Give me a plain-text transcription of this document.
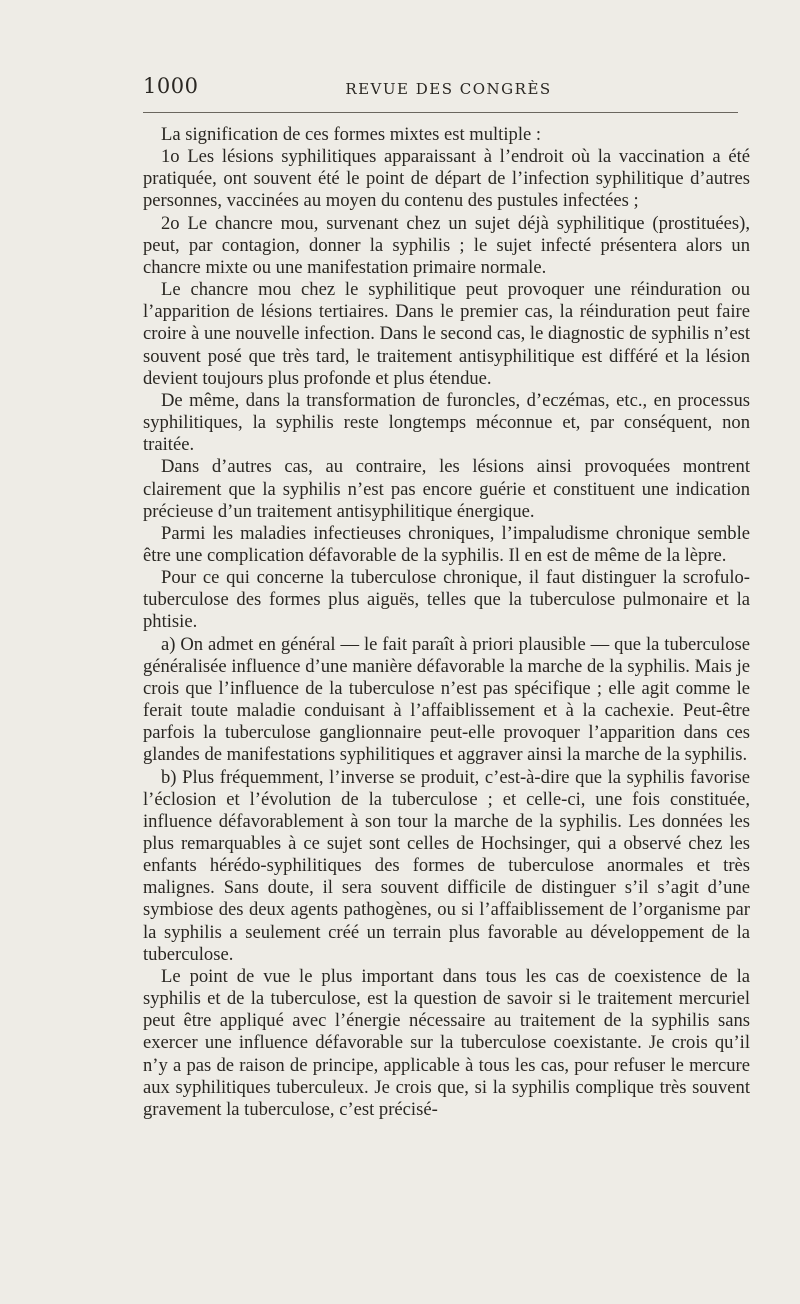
1000	REVUE DES CONGRÈS

La signification de ces formes mixtes est multiple :

1o Les lésions syphilitiques apparaissant à l’endroit où la vaccination a été pratiquée, ont souvent été le point de départ de l’infection syphilitique d’autres personnes, vaccinées au moyen du contenu des pustules infectées ;

2o Le chancre mou, survenant chez un sujet déjà syphilitique (prostituées), peut, par contagion, donner la syphilis ; le sujet infecté présentera alors un chancre mixte ou une manifestation primaire normale.

Le chancre mou chez le syphilitique peut provoquer une réinduration ou l’apparition de lésions tertiaires. Dans le premier cas, la réinduration peut faire croire à une nouvelle infection. Dans le second cas, le diagnostic de syphilis n’est souvent posé que très tard, le traitement antisyphilitique est différé et la lésion devient toujours plus profonde et plus étendue.

De même, dans la transformation de furoncles, d’eczémas, etc., en processus syphilitiques, la syphilis reste longtemps méconnue et, par conséquent, non traitée.

Dans d’autres cas, au contraire, les lésions ainsi provoquées montrent clairement que la syphilis n’est pas encore guérie et constituent une indication précieuse d’un traitement antisyphilitique énergique.

Parmi les maladies infectieuses chroniques, l’impaludisme chronique semble être une complication défavorable de la syphilis. Il en est de même de la lèpre.

Pour ce qui concerne la tuberculose chronique, il faut distinguer la scrofulo-tuberculose des formes plus aiguës, telles que la tuberculose pulmonaire et la phtisie.

a) On admet en général — le fait paraît à priori plausible — que la tuberculose généralisée influence d’une manière défavorable la marche de la syphilis. Mais je crois que l’influence de la tuberculose n’est pas spécifique ; elle agit comme le ferait toute maladie conduisant à l’affaiblissement et à la cachexie. Peut-être parfois la tuberculose ganglionnaire peut-elle provoquer l’apparition dans ces glandes de manifestations syphilitiques et aggraver ainsi la marche de la syphilis.

b) Plus fréquemment, l’inverse se produit, c’est-à-dire que la syphilis favorise l’éclosion et l’évolution de la tuberculose ; et celle-ci, une fois constituée, influence défavorablement à son tour la marche de la syphilis. Les données les plus remarquables à ce sujet sont celles de Hochsinger, qui a observé chez les enfants hérédo-syphilitiques des formes de tuberculose anormales et très malignes. Sans doute, il sera souvent difficile de distinguer s’il s’agit d’une symbiose des deux agents pathogènes, ou si l’affaiblissement de l’organisme par la syphilis a seulement créé un terrain plus favorable au développement de la tuberculose.

Le point de vue le plus important dans tous les cas de coexistence de la syphilis et de la tuberculose, est la question de savoir si le traitement mercuriel peut être appliqué avec l’énergie nécessaire au traitement de la syphilis sans exercer une influence défavorable sur la tuberculose coexistante. Je crois qu’il n’y a pas de raison de principe, applicable à tous les cas, pour refuser le mercure aux syphilitiques tuberculeux. Je crois que, si la syphilis complique très souvent gravement la tuberculose, c’est précisé-
